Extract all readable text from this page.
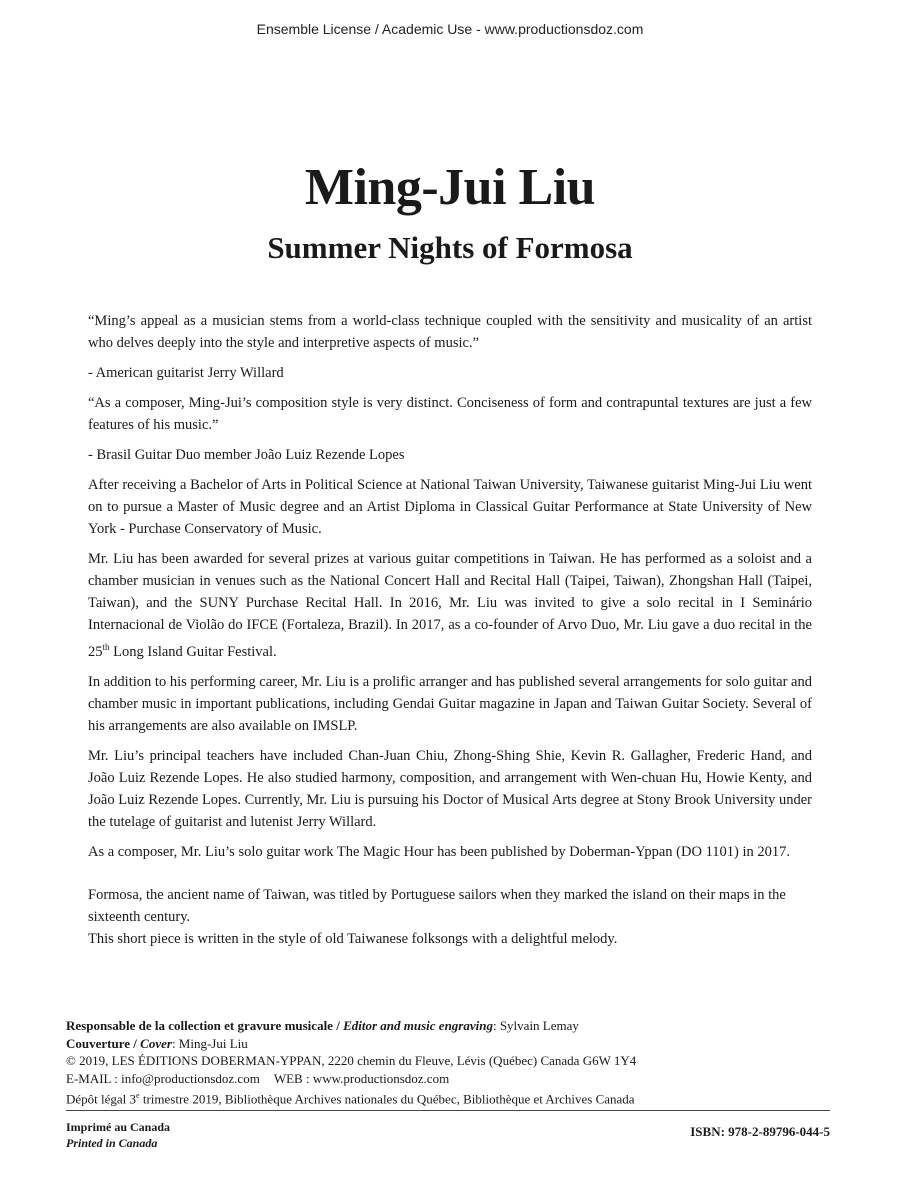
Ensemble License / Academic Use - www.productionsdoz.com
Ming-Jui Liu
Summer Nights of Formosa

“Ming’s appeal as a musician stems from a world-class technique coupled with the sensitivity and musicality of an artist who delves deeply into the style and interpretive aspects of music.”

- American guitarist Jerry Willard

“As a composer, Ming-Jui’s composition style is very distinct. Conciseness of form and contrapuntal textures are just a few features of his music.”

- Brasil Guitar Duo member João Luiz Rezende Lopes

After receiving a Bachelor of Arts in Political Science at National Taiwan University, Taiwanese guitarist Ming-Jui Liu went on to pursue a Master of Music degree and an Artist Diploma in Classical Guitar Performance at State University of New York - Purchase Conservatory of Music.

Mr. Liu has been awarded for several prizes at various guitar competitions in Taiwan. He has performed as a soloist and a chamber musician in venues such as the National Concert Hall and Recital Hall (Taipei, Taiwan), Zhongshan Hall (Taipei, Taiwan), and the SUNY Purchase Recital Hall. In 2016, Mr. Liu was invited to give a solo recital in I Seminário Internacional de Violão do IFCE (Fortaleza, Brazil). In 2017, as a co-founder of Arvo Duo, Mr. Liu gave a duo recital in the 25th Long Island Guitar Festival.

In addition to his performing career, Mr. Liu is a prolific arranger and has published several arrangements for solo guitar and chamber music in important publications, including Gendai Guitar magazine in Japan and Taiwan Guitar Society. Several of his arrangements are also available on IMSLP.

Mr. Liu’s principal teachers have included Chan-Juan Chiu, Zhong-Shing Shie, Kevin R. Gallagher, Frederic Hand, and João Luiz Rezende Lopes. He also studied harmony, composition, and arrangement with Wen-chuan Hu, Howie Kenty, and João Luiz Rezende Lopes. Currently, Mr. Liu is pursuing his Doctor of Musical Arts degree at Stony Brook University under the tutelage of guitarist and lutenist Jerry Willard.

As a composer, Mr. Liu’s solo guitar work The Magic Hour has been published by Doberman-Yppan (DO 1101) in 2017.

Formosa, the ancient name of Taiwan, was titled by Portuguese sailors when they marked the island on their maps in the sixteenth century.

This short piece is written in the style of old Taiwanese folksongs with a delightful melody.

Responsable de la collection et gravure musicale / Editor and music engraving: Sylvain Lemay
Couverture / Cover: Ming-Jui Liu
© 2019, LES ÉDITIONS DOBERMAN-YPPAN, 2220 chemin du Fleuve, Lévis (Québec) Canada G6W 1Y4
E-MAIL : info@productionsdoz.com WEB : www.productionsdoz.com
Dépôt légal 3e trimestre 2019, Bibliothèque Archives nationales du Québec, Bibliothèque et Archives Canada
Imprimé au Canada
Printed in Canada
ISBN: 978-2-89796-044-5
